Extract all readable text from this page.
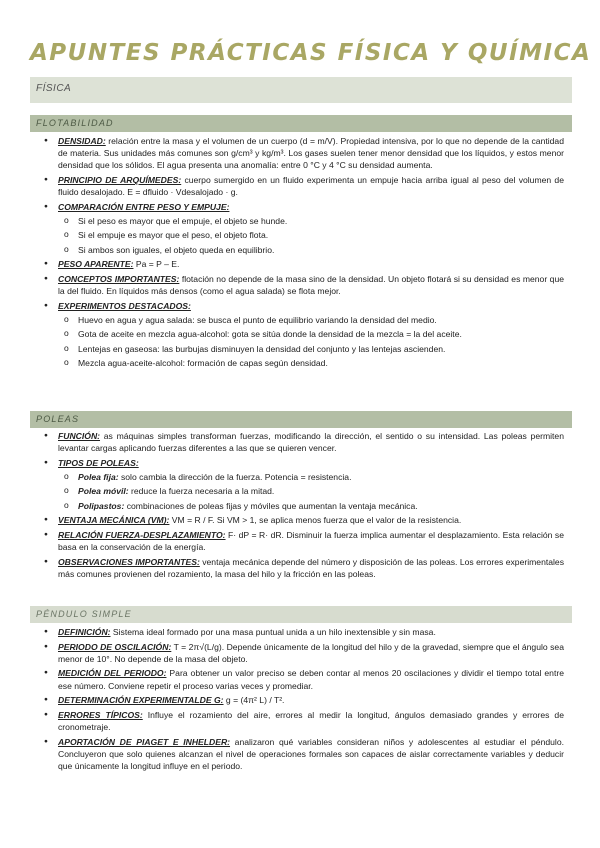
APUNTES PRÁCTICAS FÍSICA Y QUÍMICA
FÍSICA
FLOTABILIDAD
● DENSIDAD: relación entre la masa y el volumen de un cuerpo (d = m/V). Propiedad intensiva, por lo que no depende de la cantidad de materia. Sus unidades más comunes son g/cm³ y kg/m³. Los gases suelen tener menor densidad que los líquidos, y estos menor densidad que los sólidos. El agua presenta una anomalía: entre 0 °C y 4 °C su densidad aumenta.
● PRINCIPIO DE ARQUÍMEDES: cuerpo sumergido en un fluido experimenta un empuje hacia arriba igual al peso del volumen de fluido desalojado. E = dfluido · Vdesalojado · g.
● COMPARACIÓN ENTRE PESO Y EMPUJE:
o Si el peso es mayor que el empuje, el objeto se hunde.
o Si el empuje es mayor que el peso, el objeto flota.
o Si ambos son iguales, el objeto queda en equilibrio.
● PESO APARENTE: Pa = P – E.
● CONCEPTOS IMPORTANTES: flotación no depende de la masa sino de la densidad. Un objeto flotará si su densidad es menor que la del fluido. En líquidos más densos (como el agua salada) se flota mejor.
● EXPERIMENTOS DESTACADOS:
o Huevo en agua y agua salada: se busca el punto de equilibrio variando la densidad del medio.
o Gota de aceite en mezcla agua-alcohol: gota se sitúa donde la densidad de la mezcla = la del aceite.
o Lentejas en gaseosa: las burbujas disminuyen la densidad del conjunto y las lentejas ascienden.
o Mezcla agua-aceite-alcohol: formación de capas según densidad.
POLEAS
● FUNCIÓN: as máquinas simples transforman fuerzas, modificando la dirección, el sentido o su intensidad. Las poleas permiten levantar cargas aplicando fuerzas diferentes a las que se quieren vencer.
● TIPOS DE POLEAS:
o Polea fija: solo cambia la dirección de la fuerza. Potencia = resistencia.
o Polea móvil: reduce la fuerza necesaria a la mitad.
o Polipastos: combinaciones de poleas fijas y móviles que aumentan la ventaja mecánica.
● VENTAJA MECÁNICA (VM): VM = R / F. Si VM > 1, se aplica menos fuerza que el valor de la resistencia.
● RELACIÓN FUERZA-DESPLAZAMIENTO: F· dP = R· dR. Disminuir la fuerza implica aumentar el desplazamiento. Esta relación se basa en la conservación de la energía.
● OBSERVACIONES IMPORTANTES: ventaja mecánica depende del número y disposición de las poleas. Los errores experimentales más comunes provienen del rozamiento, la masa del hilo y la fricción en las poleas.
PÉNDULO SIMPLE
● DEFINICIÓN: Sistema ideal formado por una masa puntual unida a un hilo inextensible y sin masa.
● PERIODO DE OSCILACIÓN: T = 2π√(L/g). Depende únicamente de la longitud del hilo y de la gravedad, siempre que el ángulo sea menor de 10°. No depende de la masa del objeto.
● MEDICIÓN DEL PERIODO: Para obtener un valor preciso se deben contar al menos 20 oscilaciones y dividir el tiempo total entre ese número. Conviene repetir el proceso varias veces y promediar.
● DETERMINACIÓN EXPERIMENTALDE G: g = (4π² L) / T².
● ERRORES TÍPICOS: Influye el rozamiento del aire, errores al medir la longitud, ángulos demasiado grandes y errores de cronometraje.
● APORTACIÓN DE PIAGET E INHELDER: analizaron qué variables consideran niños y adolescentes al estudiar el péndulo. Concluyeron que solo quienes alcanzan el nivel de operaciones formales son capaces de aislar correctamente variables y deducir que únicamente la longitud influye en el periodo.
